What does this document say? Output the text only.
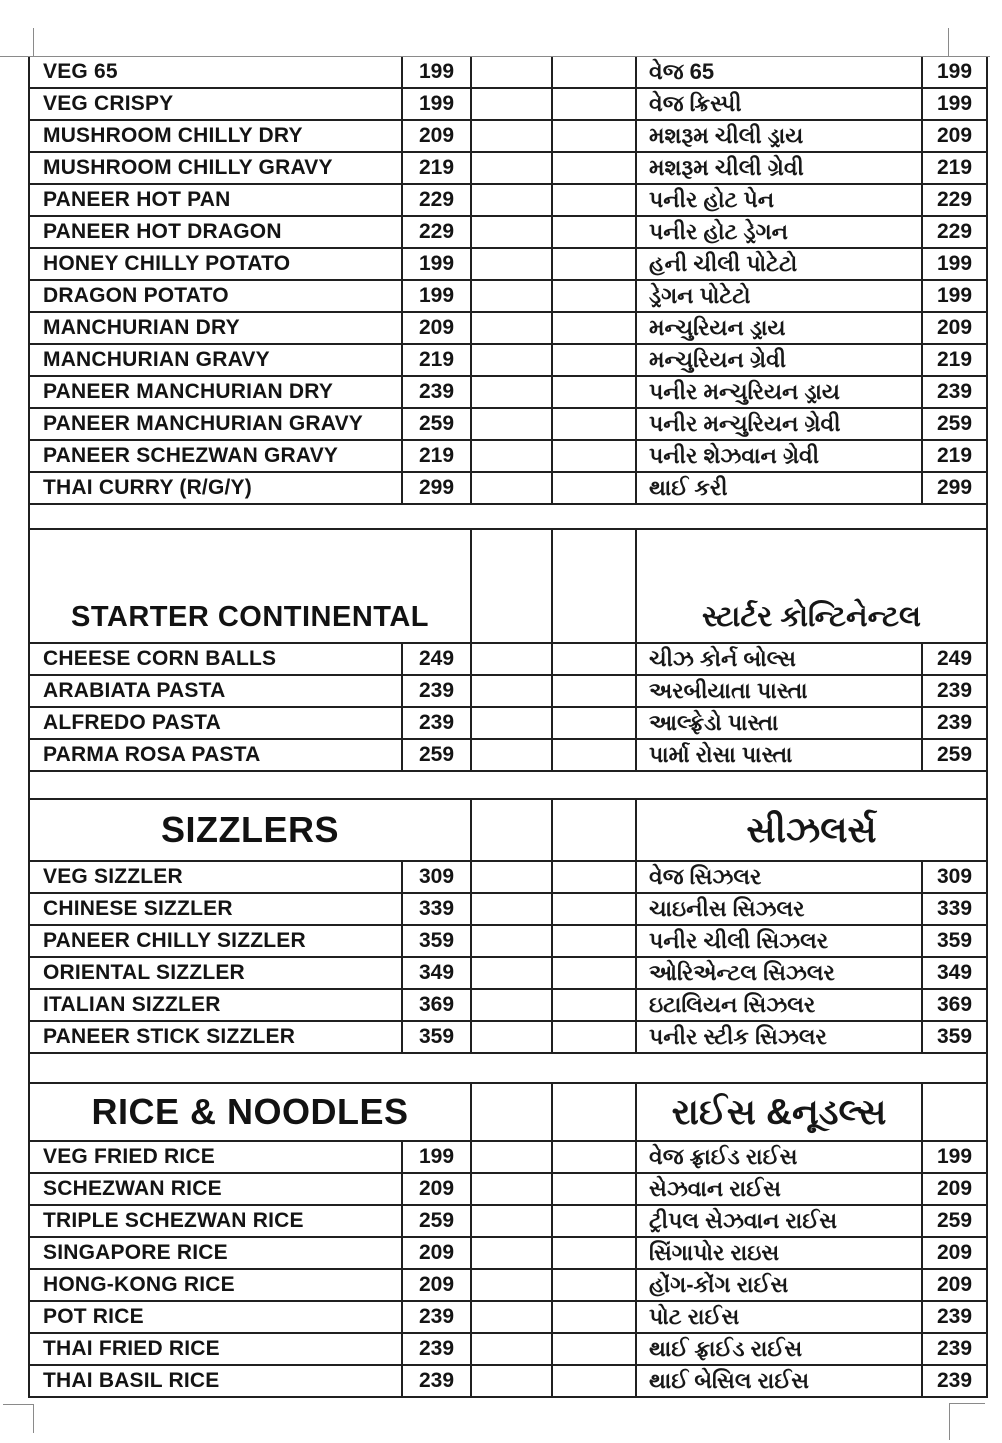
VEG 65	199	વેજ 65	199
VEG CRISPY	199	વેજ ક્રિસ્પી	199
MUSHROOM CHILLY DRY	209	મશરૂમ ચીલી ડ્રાય	209
MUSHROOM CHILLY GRAVY	219	મશરૂમ ચીલી ગ્રેવી	219
PANEER HOT PAN	229	પનીર હોટ પેન	229
PANEER HOT DRAGON	229	પનીર હોટ ડ્રેગન	229
HONEY CHILLY POTATO	199	હની ચીલી પોટેટો	199
DRAGON POTATO	199	ડ્રેગન પોટેટો	199
MANCHURIAN DRY	209	મન્ચુરિયન ડ્રાય	209
MANCHURIAN GRAVY	219	મન્ચુરિયન ગ્રેવી	219
PANEER MANCHURIAN DRY	239	પનીર મન્ચુરિયન ડ્રાય	239
PANEER MANCHURIAN GRAVY	259	પનીર મન્ચુરિયન ગ્રેવી	259
PANEER SCHEZWAN GRAVY	219	પનીર શેઝવાન ગ્રેવી	219
THAI CURRY (R/G/Y)	299	થાઈ કરી	299
STARTER CONTINENTAL	સ્ટાર્ટર કોન્ટિનેન્ટલ
CHEESE CORN BALLS	249	ચીઝ કોર્ન બોલ્સ	249
ARABIATA PASTA	239	અરબીયાતા પાસ્તા	239
ALFREDO PASTA	239	આલ્ફ્રેડો પાસ્તા	239
PARMA ROSA PASTA	259	પાર્મા રોસા પાસ્તા	259
SIZZLERS	સીઝલર્સ
VEG SIZZLER	309	વેજ સિઝલર	309
CHINESE SIZZLER	339	ચાઇનીસ સિઝલર	339
PANEER CHILLY SIZZLER	359	પનીર ચીલી સિઝલર	359
ORIENTAL SIZZLER	349	ઓરિએન્ટલ સિઝલર	349
ITALIAN SIZZLER	369	ઇટાલિયન સિઝલર	369
PANEER STICK SIZZLER	359	પનીર સ્ટીક સિઝલર	359
RICE & NOODLES	રાઈસ &નૂડલ્સ
VEG FRIED RICE	199	વેજ ફ્રાઈડ રાઈસ	199
SCHEZWAN RICE	209	સેઝવાન રાઈસ	209
TRIPLE SCHEZWAN RICE	259	ટ્રીપલ સેઝવાન રાઈસ	259
SINGAPORE RICE	209	સિંગાપોર રાઇસ	209
HONG-KONG RICE	209	હોંગ-કોંગ રાઈસ	209
POT RICE	239	પોટ રાઈસ	239
THAI FRIED RICE	239	થાઈ ફ્રાઈડ રાઈસ	239
THAI BASIL RICE	239	થાઈ બેસિલ રાઈસ	239
